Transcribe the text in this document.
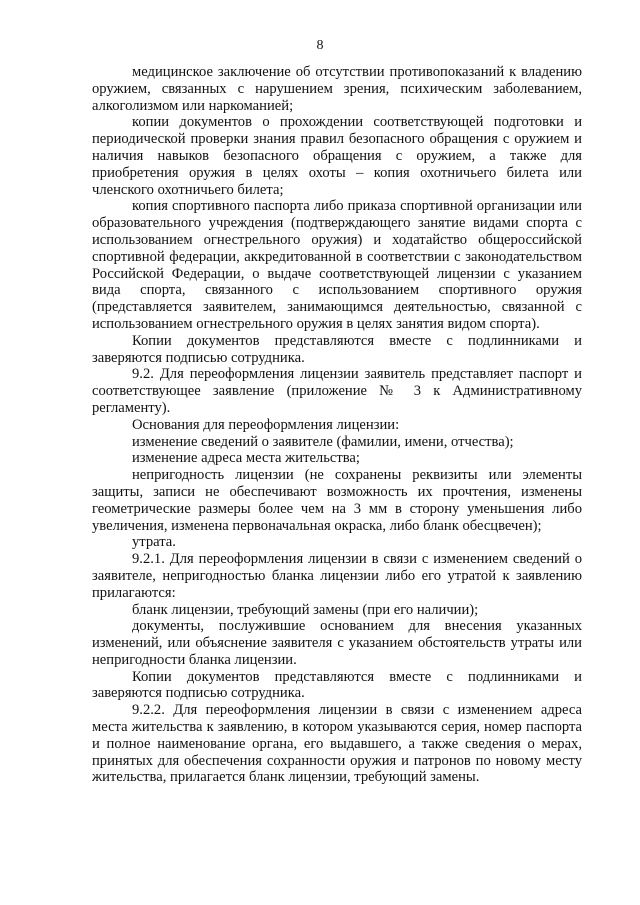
8

медицинское заключение об отсутствии противопоказаний к владению оружием, связанных с нарушением зрения, психическим заболеванием, алкоголизмом или наркоманией;

копии документов о прохождении соответствующей подготовки и периодической проверки знания правил безопасного обращения с оружием и наличия навыков безопасного обращения с оружием, а также для приобретения оружия в целях охоты – копия охотничьего билета или членского охотничьего билета;

копия спортивного паспорта либо приказа спортивной организации или образовательного учреждения (подтверждающего занятие видами спорта с использованием огнестрельного оружия) и ходатайство общероссийской спортивной федерации, аккредитованной в соответствии с законодательством Российской Федерации, о выдаче соответствующей лицензии с указанием вида спорта, связанного с использованием спортивного оружия (представляется заявителем, занимающимся деятельностью, связанной с использованием огнестрельного оружия в целях занятия видом спорта).

Копии документов представляются вместе с подлинниками и заверяются подписью сотрудника.

9.2. Для переоформления лицензии заявитель представляет паспорт и соответствующее заявление (приложение № 3 к Административному регламенту).

Основания для переоформления лицензии:

изменение сведений о заявителе (фамилии, имени, отчества);

изменение адреса места жительства;

непригодность лицензии (не сохранены реквизиты или элементы защиты, записи не обеспечивают возможность их прочтения, изменены геометрические размеры более чем на 3 мм в сторону уменьшения либо увеличения, изменена первоначальная окраска, либо бланк обесцвечен);

утрата.

9.2.1. Для переоформления лицензии в связи с изменением сведений о заявителе, непригодностью бланка лицензии либо его утратой к заявлению прилагаются:

бланк лицензии, требующий замены (при его наличии);

документы, послужившие основанием для внесения указанных изменений, или объяснение заявителя с указанием обстоятельств утраты или непригодности бланка лицензии.

Копии документов представляются вместе с подлинниками и заверяются подписью сотрудника.

9.2.2. Для переоформления лицензии в связи с изменением адреса места жительства к заявлению, в котором указываются серия, номер паспорта и полное наименование органа, его выдавшего, а также сведения о мерах, принятых для обеспечения сохранности оружия и патронов по новому месту жительства, прилагается бланк лицензии, требующий замены.
